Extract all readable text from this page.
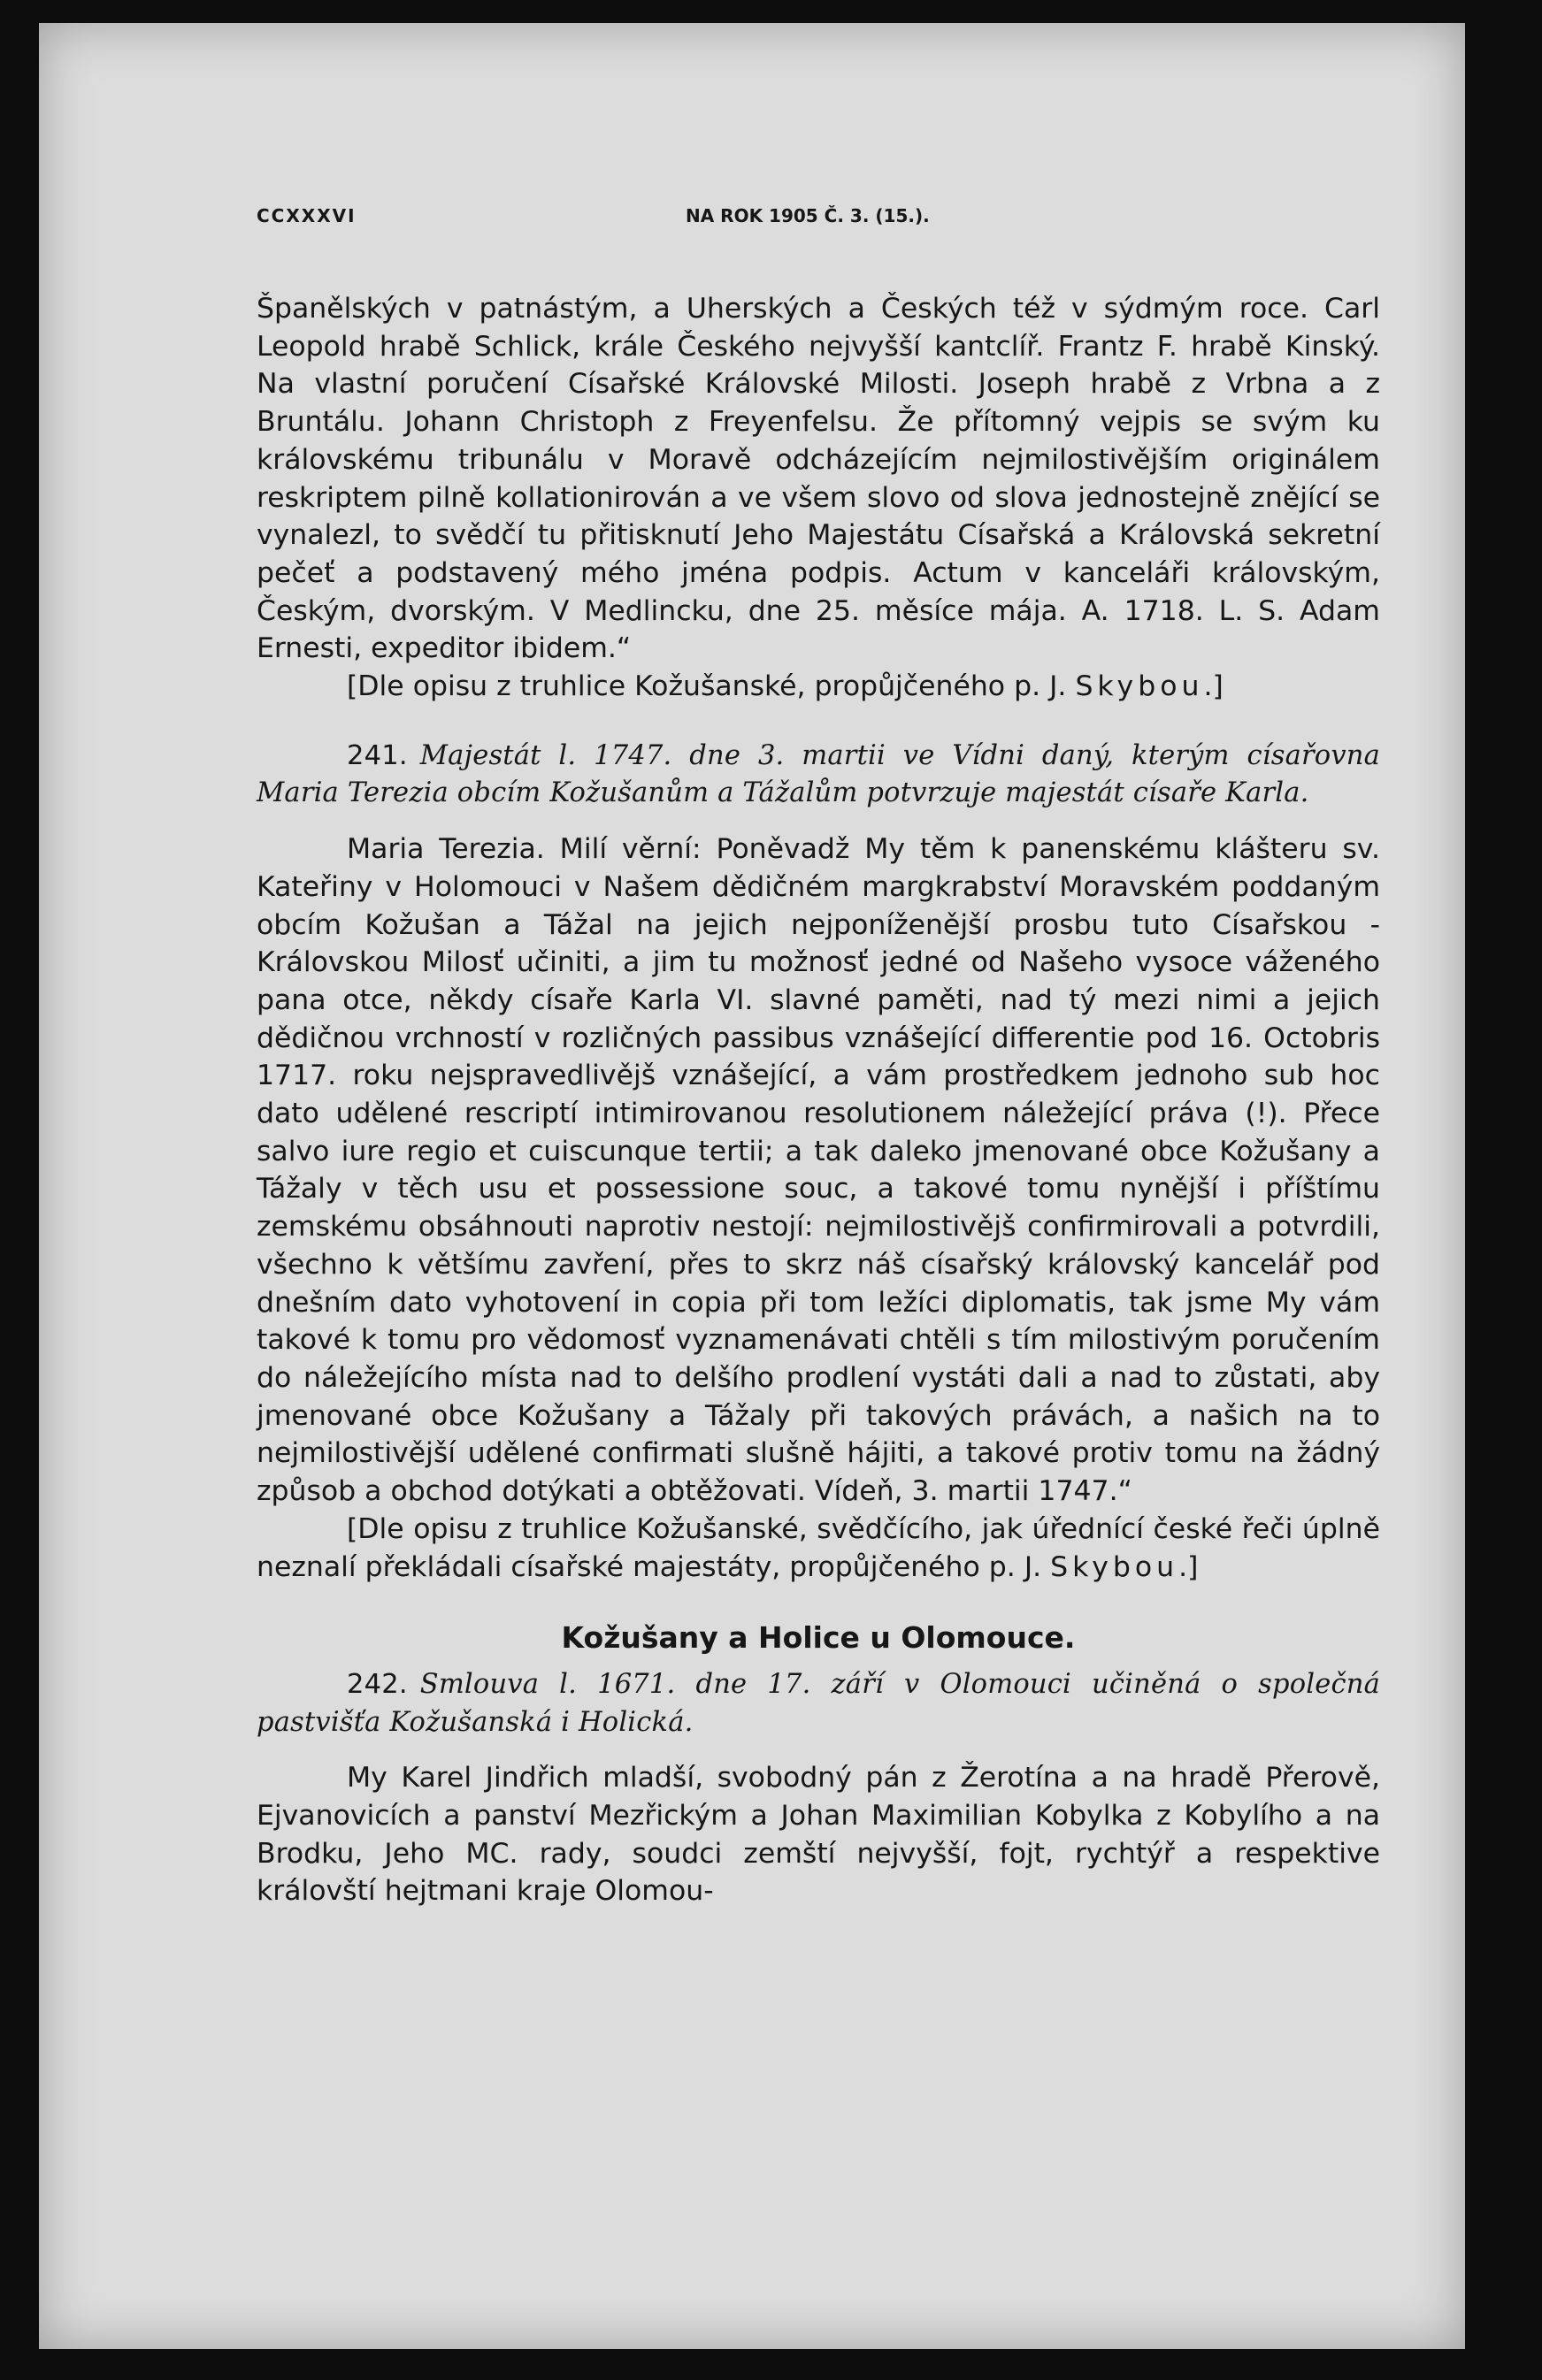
CCXXXVI	NA ROK 1905 Č. 3. (15.).

Španělských v patnástým, a Uherských a Českých též v sýdmým roce. Carl Leopold hrabě Schlick, krále Českého nejvyšší kantclíř. Frantz F. hrabě Kinský. Na vlastní poručení Císařské Královské Milosti. Joseph hrabě z Vrbna a z Bruntálu. Johann Christoph z Freyenfelsu. Že přítomný vejpis se svým ku královskému tribunálu v Moravě odcházejícím nejmilostivějším originálem reskriptem pilně kollationirován a ve všem slovo od slova jednostejně znějící se vynalezl, to svědčí tu přitisknutí Jeho Majestátu Císařská a Královská sekretní pečeť a podstavený mého jména podpis. Actum v kanceláři královským, Českým, dvorským. V Medlincku, dne 25. měsíce mája. A. 1718. L. S. Adam Ernesti, expeditor ibidem.“

[Dle opisu z truhlice Kožušanské, propůjčeného p. J. Skybou.]

241. Majestát l. 1747. dne 3. martii ve Vídni daný, kterým císařovna Maria Terezia obcím Kožušanům a Tážalům potvrzuje majestát císaře Karla.

Maria Terezia. Milí věrní: Poněvadž My těm k panenskému klášteru sv. Kateřiny v Holomouci v Našem dědičném margkrabství Moravském poddaným obcím Kožušan a Tážal na jejich nejponíženější prosbu tuto Císařskou - Královskou Milosť učiniti, a jim tu možnosť jedné od Našeho vysoce váženého pana otce, někdy císaře Karla VI. slavné paměti, nad tý mezi nimi a jejich dědičnou vrchností v rozličných passibus vznášející differentie pod 16. Octobris 1717. roku nejspravedlivějš vznášející, a vám prostředkem jednoho sub hoc dato udělené rescriptí intimirovanou resolutionem náležející práva (!). Přece salvo iure regio et cuiscunque tertii; a tak daleko jmenované obce Kožušany a Tážaly v těch usu et possessione souc, a takové tomu nynější i příštímu zemskému obsáhnouti naprotiv nestojí: nejmilostivějš confirmirovali a potvrdili, všechno k většímu zavření, přes to skrz náš císařský královský kancelář pod dnešním dato vyhotovení in copia při tom ležíci diplomatis, tak jsme My vám takové k tomu pro vědomosť vyznamenávati chtěli s tím milostivým poručením do náležejícího místa nad to delšího prodlení vystáti dali a nad to zůstati, aby jmenované obce Kožušany a Tážaly při takových právách, a našich na to nejmilostivější udělené confirmati slušně hájiti, a takové protiv tomu na žádný způsob a obchod dotýkati a obtěžovati. Vídeň, 3. martii 1747.“

[Dle opisu z truhlice Kožušanské, svědčícího, jak úřednící české řeči úplně neznalí překládali císařské majestáty, propůjčeného p. J. Skybou.]

Kožušany a Holice u Olomouce.

242. Smlouva l. 1671. dne 17. září v Olomouci učiněná o společná pastvišťa Kožušanská i Holická.

My Karel Jindřich mladší, svobodný pán z Žerotína a na hradě Přerově, Ejvanovicích a panství Mezřickým a Johan Maximilian Kobylka z Kobylího a na Brodku, Jeho MC. rady, soudci zemští nejvyšší, fojt, rychtýř a respektive královští hejtmani kraje Olomou-
